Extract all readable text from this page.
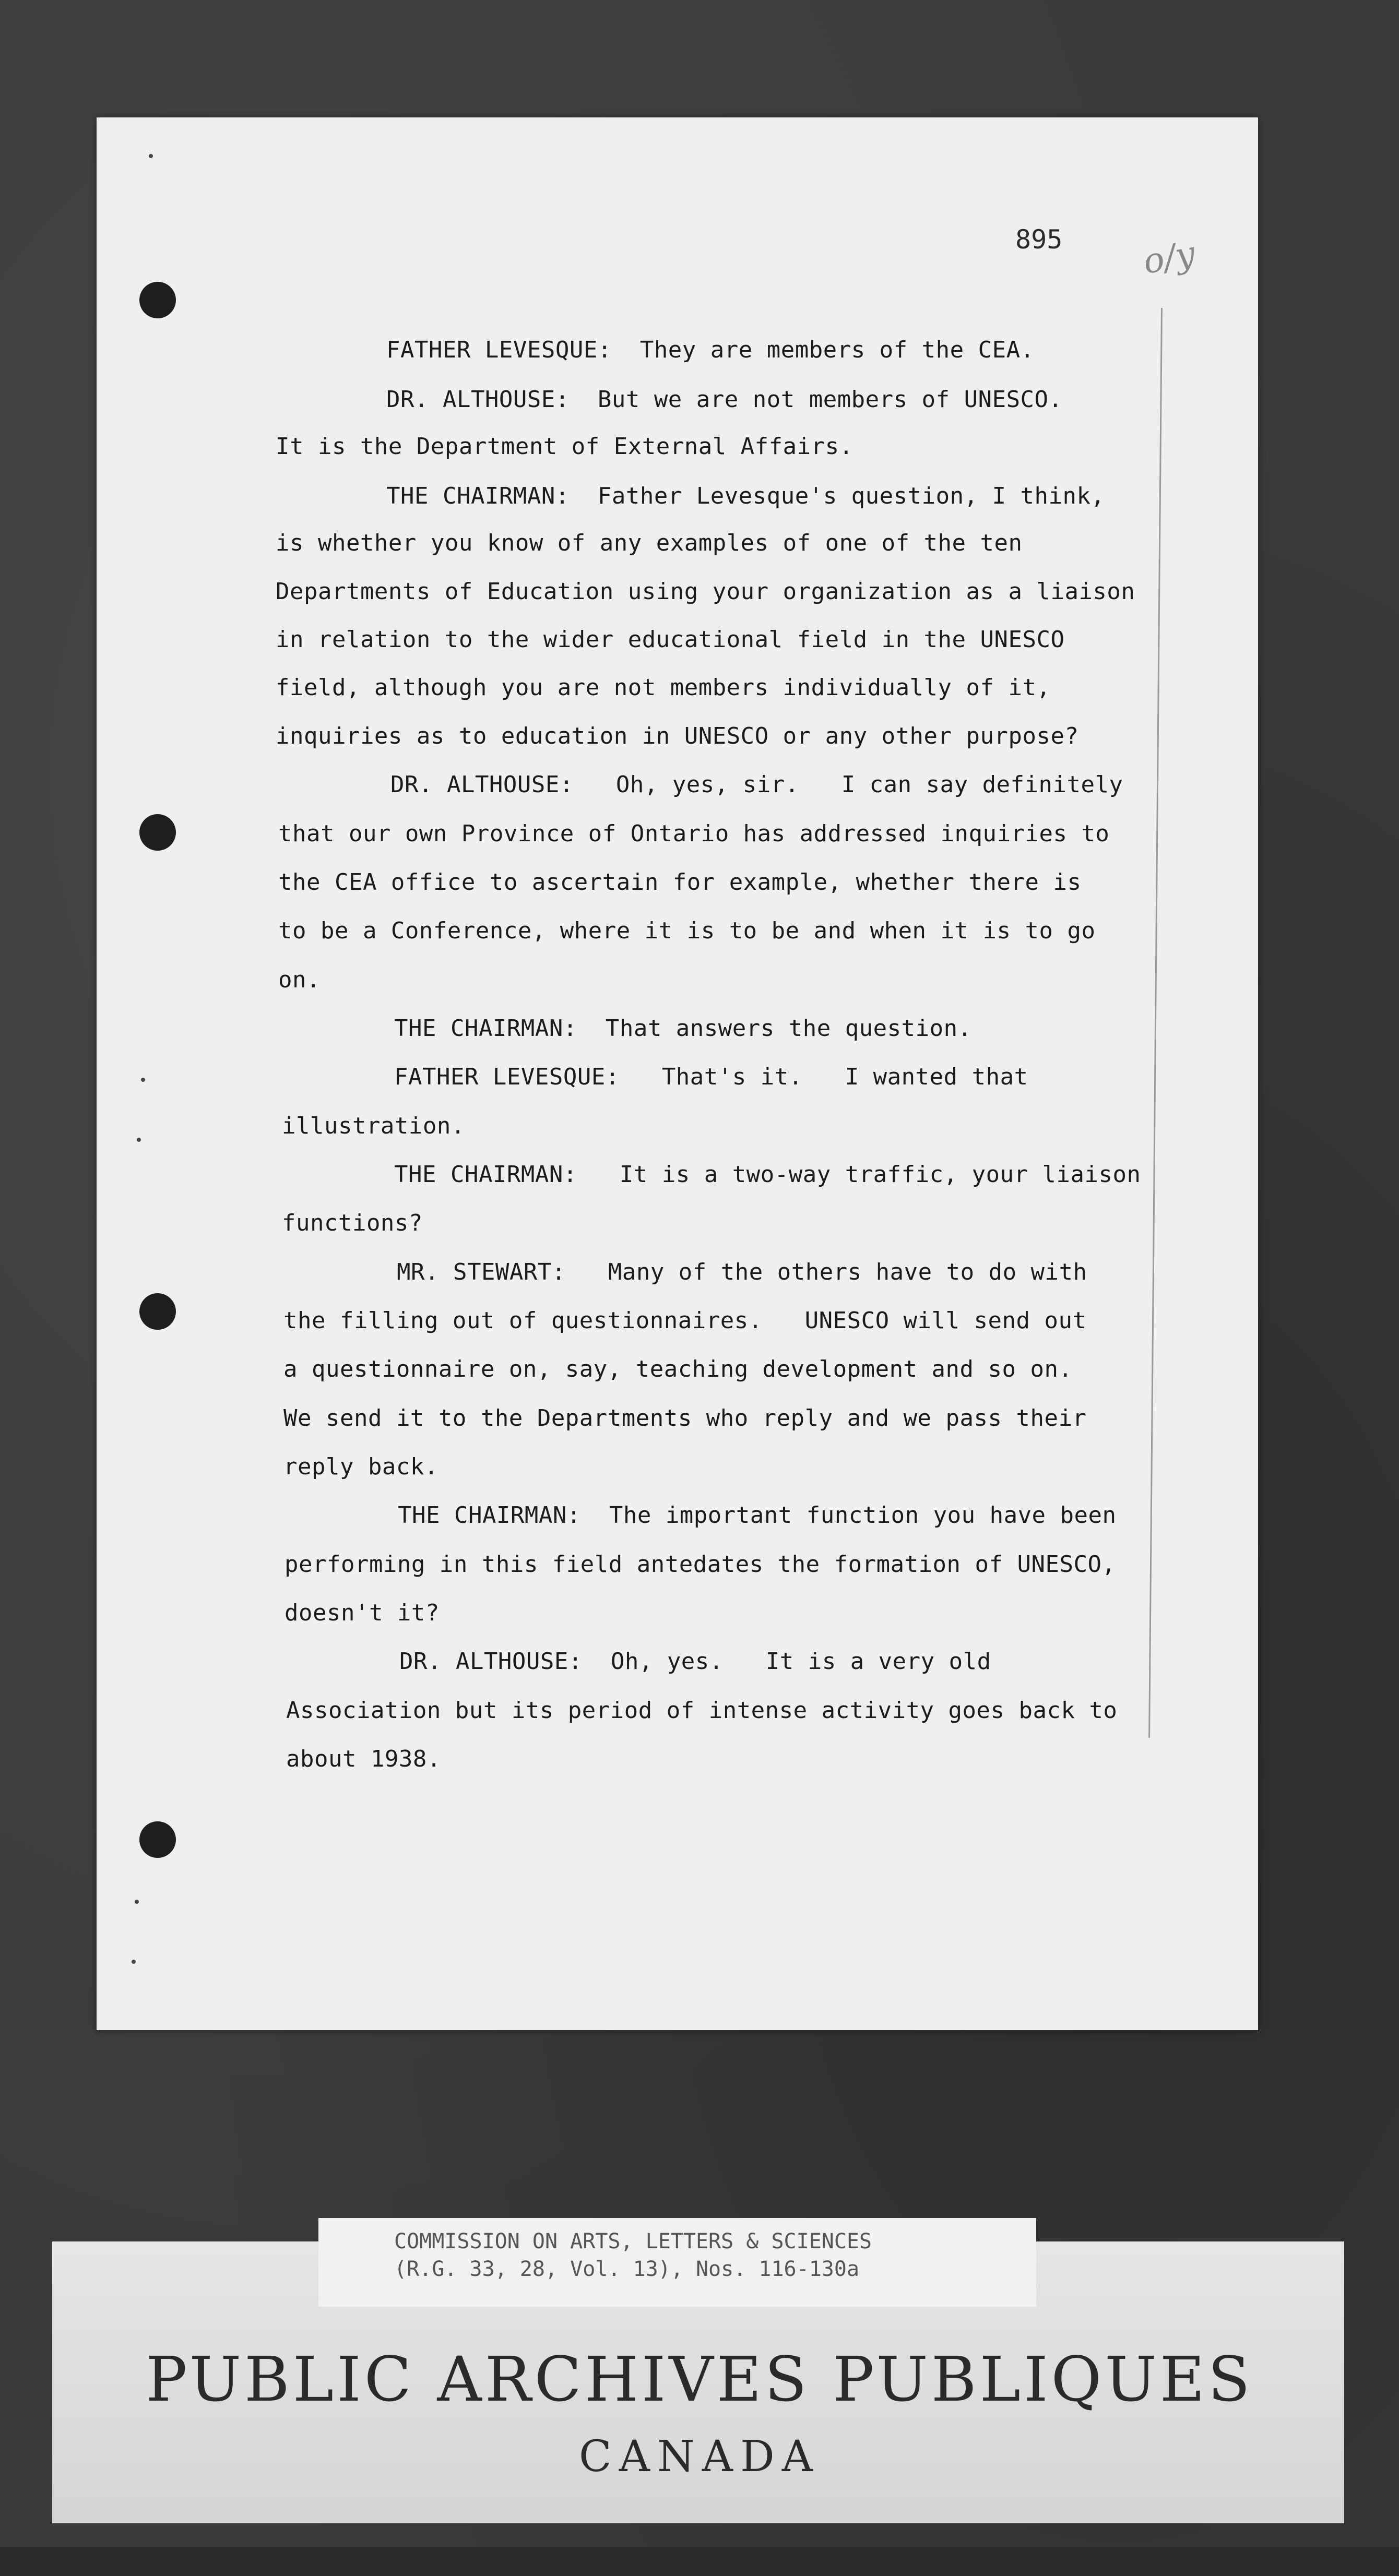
895 o/y
FATHER LEVESQUE:  They are members of the CEA.
DR. ALTHOUSE:  But we are not members of UNESCO.
It is the Department of External Affairs.
THE CHAIRMAN:  Father Levesque's question, I think,
is whether you know of any examples of one of the ten
Departments of Education using your organization as a liaison
in relation to the wider educational field in the UNESCO
field, although you are not members individually of it,
inquiries as to education in UNESCO or any other purpose?
DR. ALTHOUSE:   Oh, yes, sir.   I can say definitely
that our own Province of Ontario has addressed inquiries to
the CEA office to ascertain for example, whether there is
to be a Conference, where it is to be and when it is to go
on.
THE CHAIRMAN:  That answers the question.
FATHER LEVESQUE:   That's it.   I wanted that
illustration.
THE CHAIRMAN:   It is a two-way traffic, your liaison
functions?
MR. STEWART:   Many of the others have to do with
the filling out of questionnaires.   UNESCO will send out
a questionnaire on, say, teaching development and so on.
We send it to the Departments who reply and we pass their
reply back.
THE CHAIRMAN:  The important function you have been
performing in this field antedates the formation of UNESCO,
doesn't it?
DR. ALTHOUSE:  Oh, yes.   It is a very old
Association but its period of intense activity goes back to
about 1938.
COMMISSION ON ARTS, LETTERS & SCIENCES
(R.G. 33, 28, Vol. 13), Nos. 116-130a
PUBLIC ARCHIVES PUBLIQUES
CANADA
